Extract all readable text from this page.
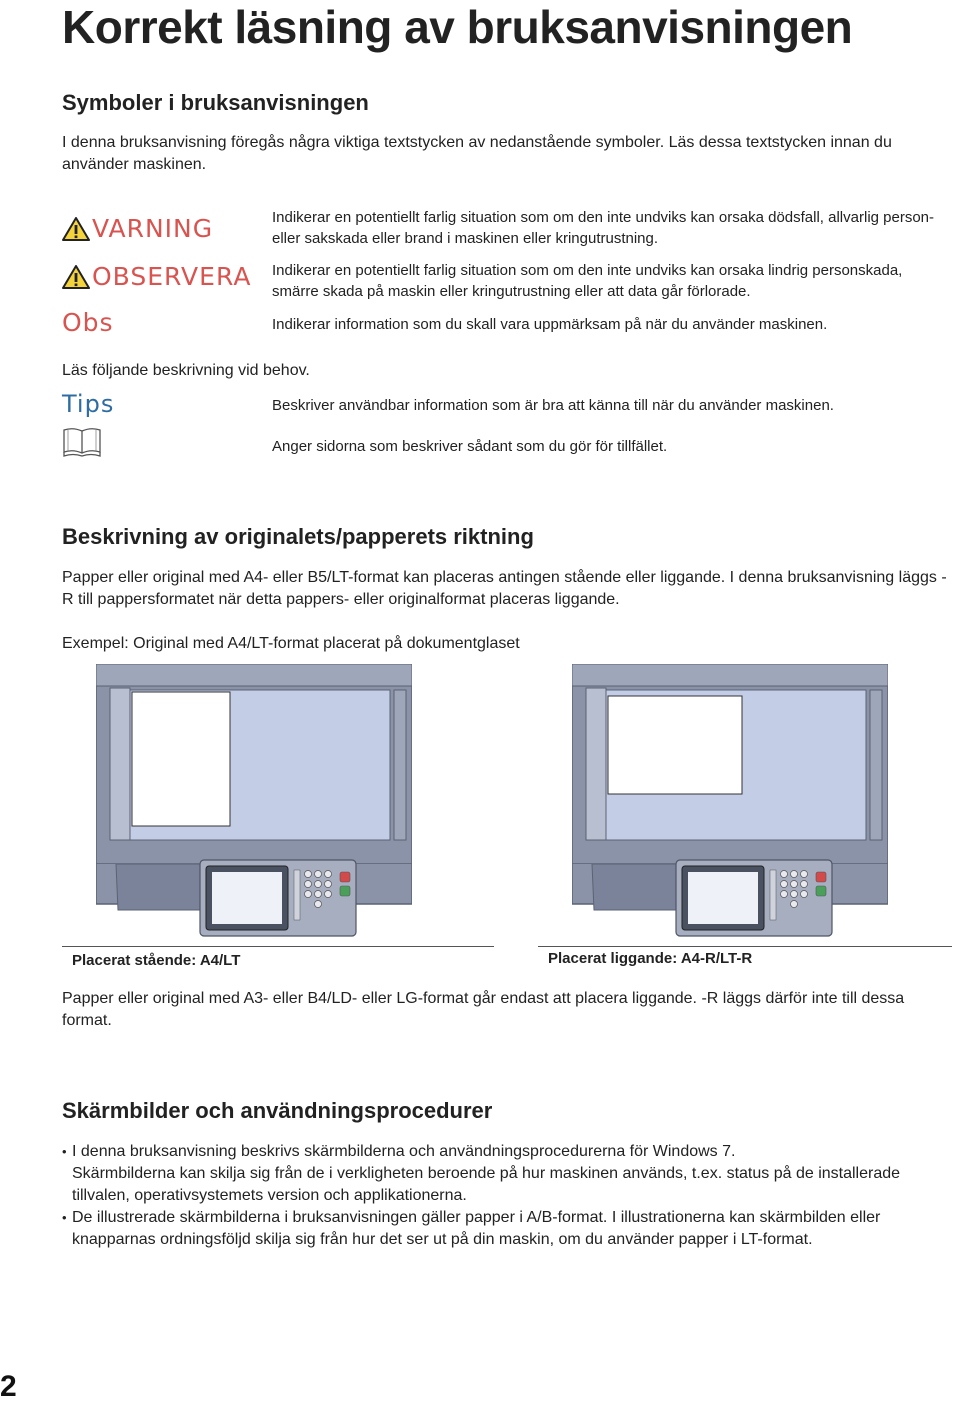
Korrekt läsning av bruksanvisningen
Symboler i bruksanvisningen
I denna bruksanvisning föregås några viktiga textstycken av nedanstående symboler. Läs dessa textstycken innan du använder maskinen.
VARNING	Indikerar en potentiellt farlig situation som om den inte undviks kan orsaka dödsfall, allvarlig personeller sakskada eller brand i maskinen eller kringutrustning.
OBSERVERA Indikerar en potentiellt farlig situation som om den inte undviks kan orsaka lindrig personskada, smärre skada på maskin eller kringutrustning eller att data går förlorade.
Obs	Indikerar information som du skall vara uppmärksam på när du använder maskinen.
Läs följande beskrivning vid behov.
Tips	Beskriver användbar information som är bra att känna till när du använder maskinen.
Anger sidorna som beskriver sådant som du gör för tillfället.
Beskrivning av originalets/papperets riktning
Papper eller original med A4- eller B5/LT-format kan placeras antingen stående eller liggande. I denna bruksanvisning läggs -R till pappersformatet när detta pappers- eller originalformat placeras liggande.
Exempel: Original med A4/LT-format placerat på dokumentglaset
Placerat stående: A4/LT	Placerat liggande: A4-R/LT-R
Papper eller original med A3- eller B4/LD- eller LG-format går endast att placera liggande. -R läggs därför inte till dessa format.
Skärmbilder och användningsprocedurer
• I denna bruksanvisning beskrivs skärmbilderna och användningsprocedurerna för Windows 7.
Skärmbilderna kan skilja sig från de i verkligheten beroende på hur maskinen används, t.ex. status på de installerade tillvalen, operativsystemets version och applikationerna.
• De illustrerade skärmbilderna i bruksanvisningen gäller papper i A/B-format. I illustrationerna kan skärmbilden eller knapparnas ordningsföljd skilja sig från hur det ser ut på din maskin, om du använder papper i LT-format.
2
